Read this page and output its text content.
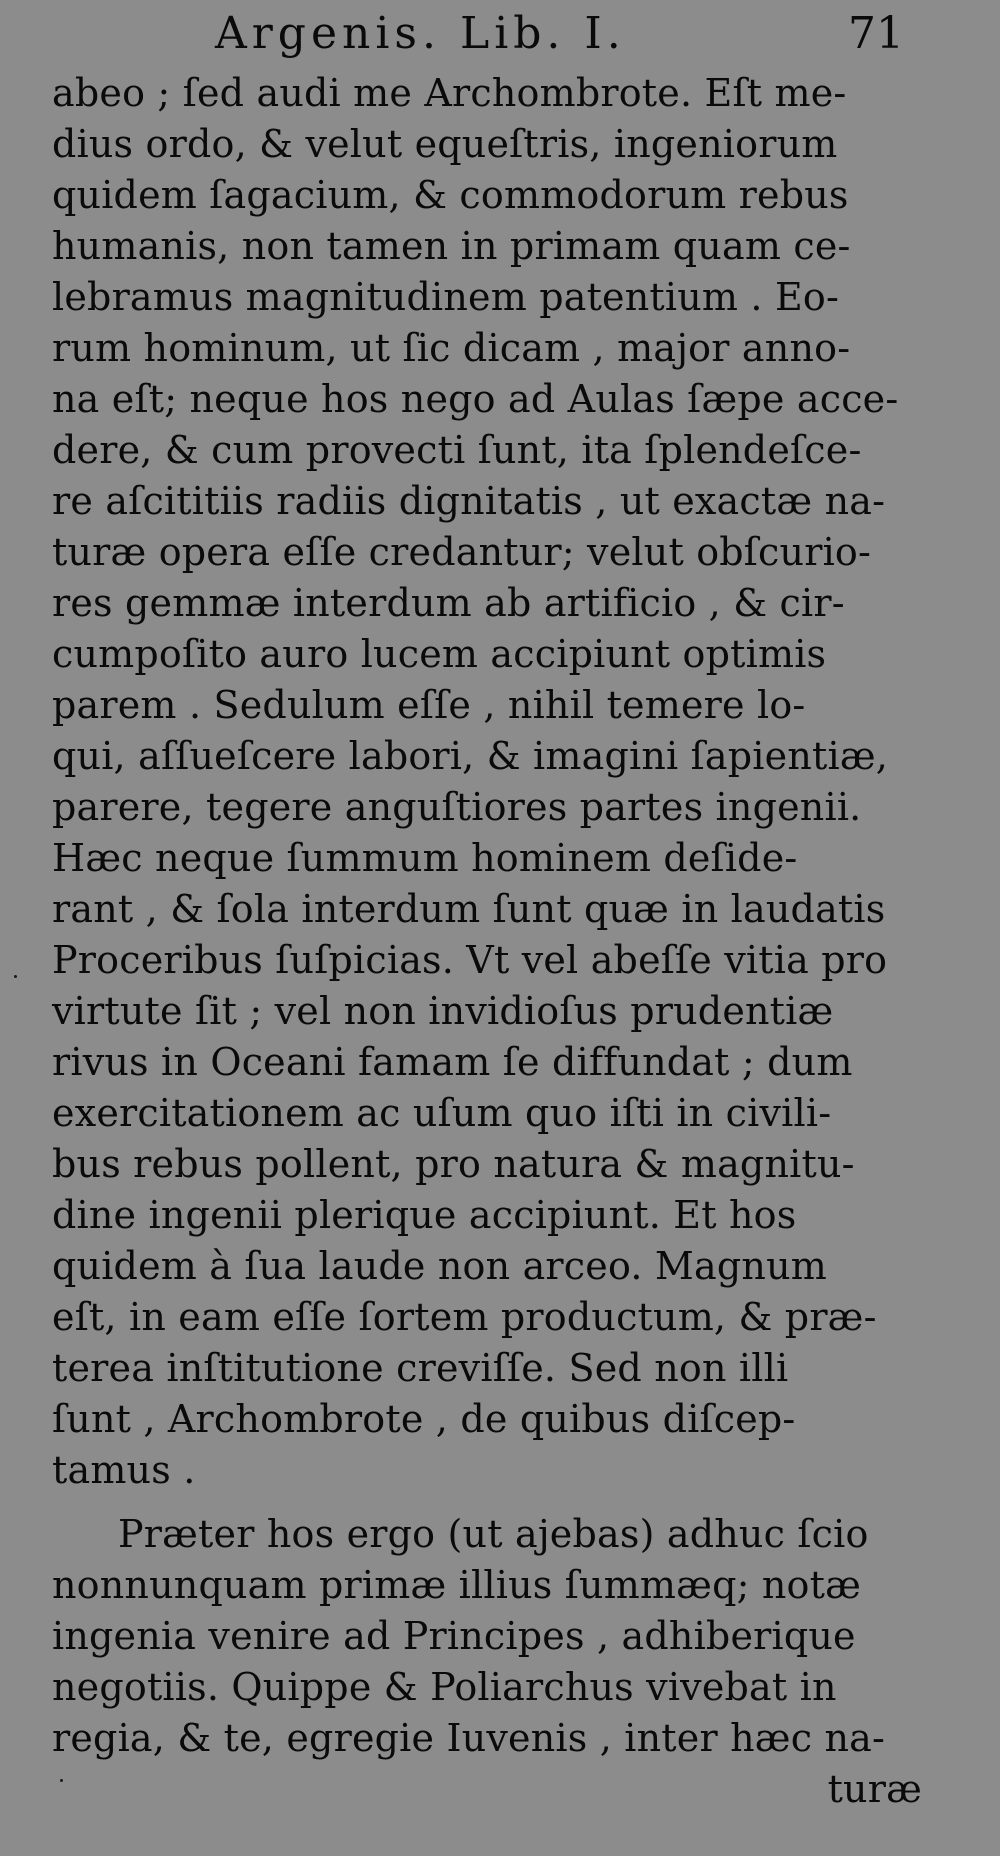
Argenis. Lib. I.	71
abeo ; ſed audi me Archombrote. Eſt me-
dius ordo, & velut equeſtris, ingeniorum
quidem ſagacium, & commodorum rebus
humanis, non tamen in primam quam ce-
lebramus magnitudinem patentium . Eo-
rum hominum, ut ſic dicam , major anno-
na eſt; neque hos nego ad Aulas ſæpe acce-
dere, & cum provecti ſunt, ita ſplendeſce-
re aſcititiis radiis dignitatis , ut exactæ na-
turæ opera eſſe credantur; velut obſcurio-
res gemmæ interdum ab artificio , & cir-
cumpoſito auro lucem accipiunt optimis
parem . Sedulum eſſe , nihil temere lo-
qui, aſſueſcere labori, & imagini ſapientiæ,
parere, tegere anguſtiores partes ingenii.
Hæc neque ſummum hominem deſide-
rant , & ſola interdum ſunt quæ in laudatis
Proceribus ſuſpicias. Vt vel abeſſe vitia pro
virtute ſit ; vel non invidioſus prudentiæ
rivus in Oceani famam ſe diffundat ; dum
exercitationem ac uſum quo iſti in civili-
bus rebus pollent, pro natura & magnitu-
dine ingenii plerique accipiunt. Et hos
quidem à ſua laude non arceo. Magnum
eſt, in eam eſſe ſortem productum, & præ-
terea inſtitutione creviſſe. Sed non illi
ſunt , Archombrote , de quibus diſcep-
tamus .
Præter hos ergo (ut ajebas) adhuc ſcio
nonnunquam primæ illius ſummæq; notæ
ingenia venire ad Principes , adhiberique
negotiis. Quippe & Poliarchus vivebat in
regia, & te, egregie Iuvenis , inter hæc na-
turæ
